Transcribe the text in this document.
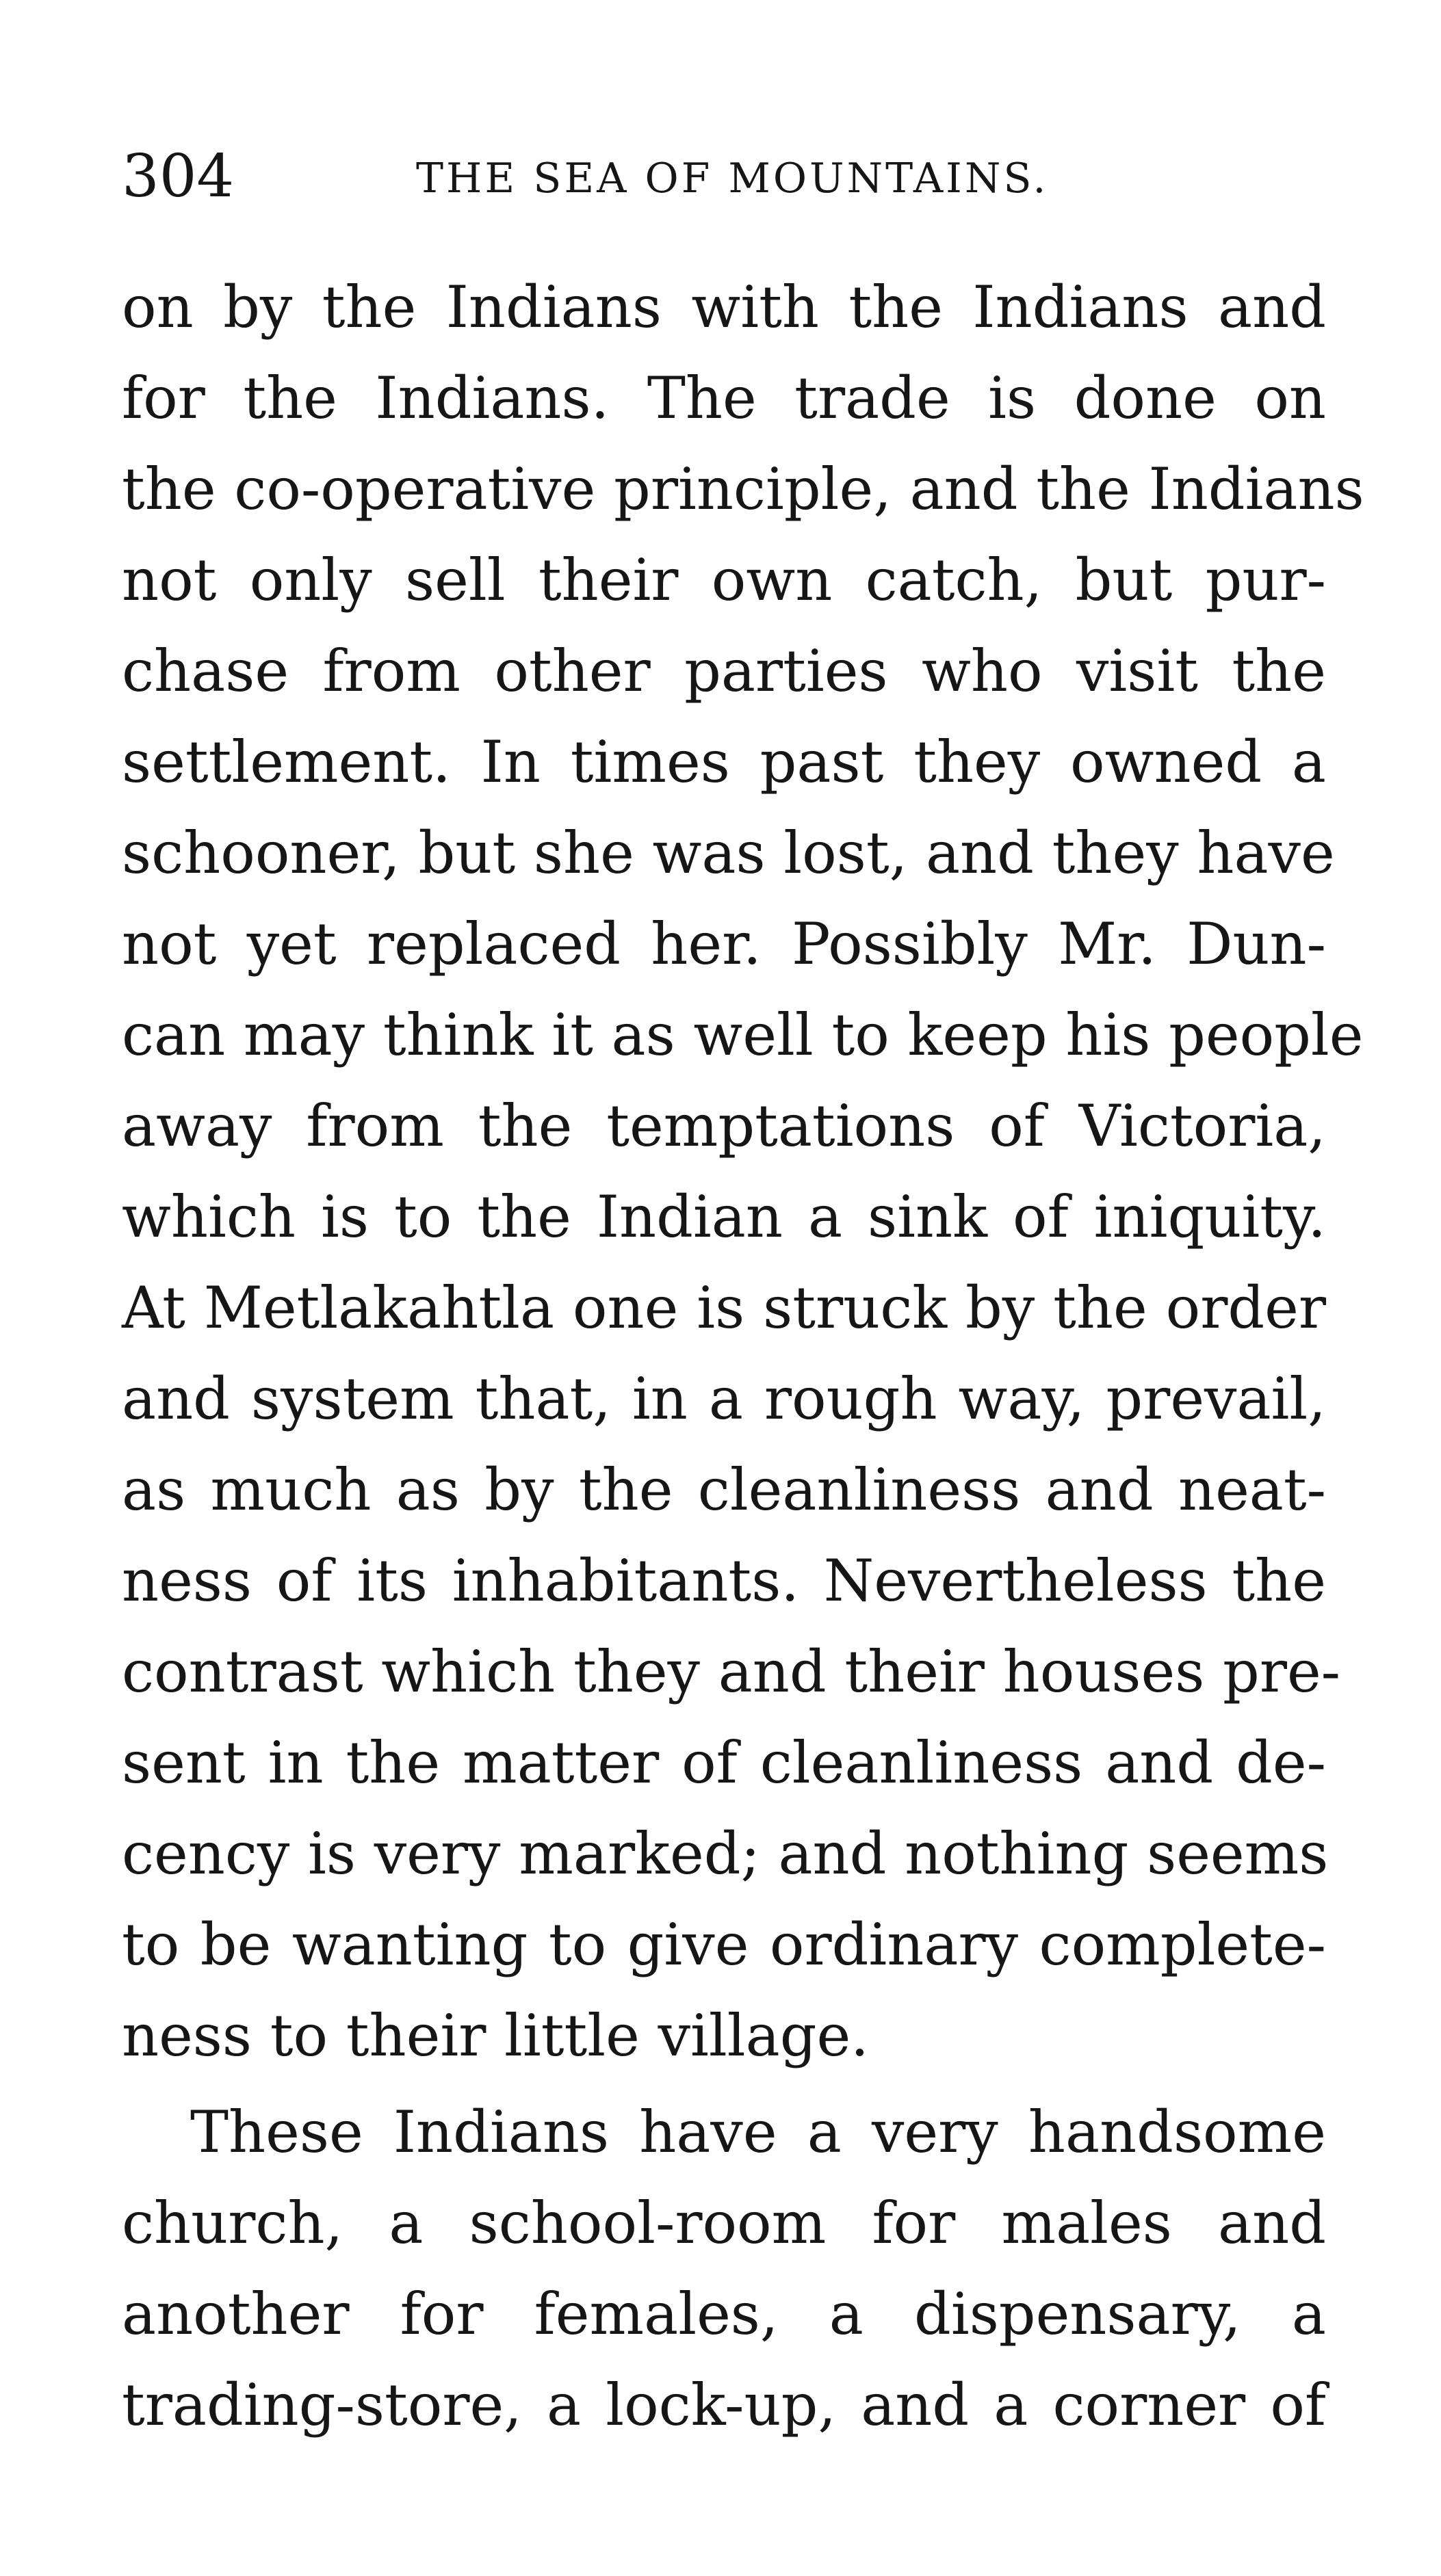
304	THE SEA OF MOUNTAINS.
on by the Indians with the Indians and
for the Indians. The trade is done on
the co-operative principle, and the Indians
not only sell their own catch, but pur-
chase from other parties who visit the
settlement. In times past they owned a
schooner, but she was lost, and they have
not yet replaced her. Possibly Mr. Dun-
can may think it as well to keep his people
away from the temptations of Victoria,
which is to the Indian a sink of iniquity.
At Metlakahtla one is struck by the order
and system that, in a rough way, prevail,
as much as by the cleanliness and neat-
ness of its inhabitants. Nevertheless the
contrast which they and their houses pre-
sent in the matter of cleanliness and de-
cency is very marked; and nothing seems
to be wanting to give ordinary complete-
ness to their little village.
These Indians have a very handsome
church, a school-room for males and
another for females, a dispensary, a
trading-store, a lock-up, and a corner of
